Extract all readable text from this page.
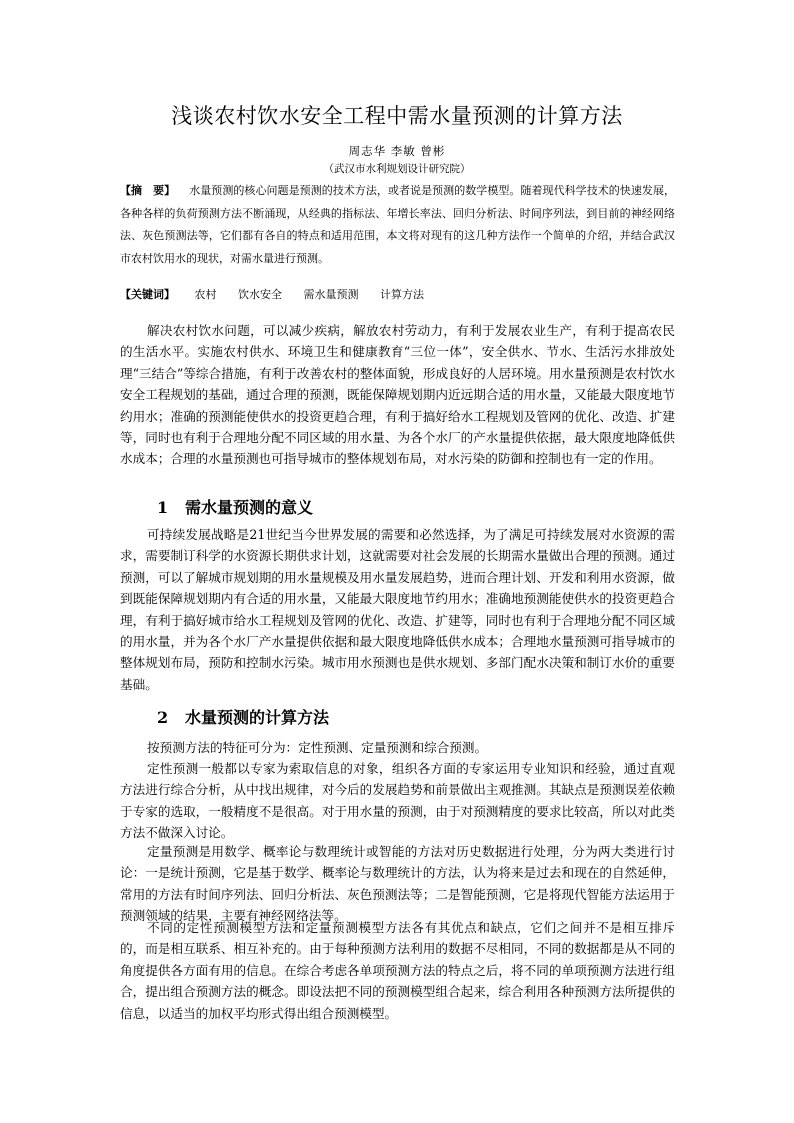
浅谈农村饮水安全工程中需水量预测的计算方法
周志华 李敏 曾彬
（武汉市水利规划设计研究院）
【摘　要】 水量预测的核心问题是预测的技术方法，或者说是预测的数学模型。随着现代科学技术的快速发展，各种各样的负荷预测方法不断涌现，从经典的指标法、年增长率法、回归分析法、时间序列法，到目前的神经网络法、灰色预测法等，它们都有各自的特点和适用范围，本文将对现有的这几种方法作一个简单的介绍，并结合武汉市农村饮用水的现状，对需水量进行预测。
【关键词】 农村 饮水安全 需水量预测 计算方法
解决农村饮水问题，可以减少疾病，解放农村劳动力，有利于发展农业生产，有利于提高农民的生活水平。实施农村供水、环境卫生和健康教育“三位一体”，安全供水、节水、生活污水排放处理“三结合”等综合措施，有利于改善农村的整体面貌，形成良好的人居环境。用水量预测是农村饮水安全工程规划的基础，通过合理的预测，既能保障规划期内近远期合适的用水量，又能最大限度地节约用水；准确的预测能使供水的投资更趋合理，有利于搞好给水工程规划及管网的优化、改造、扩建等，同时也有利于合理地分配不同区域的用水量、为各个水厂的产水量提供依据，最大限度地降低供水成本；合理的水量预测也可指导城市的整体规划布局，对水污染的防御和控制也有一定的作用。
1 需水量预测的意义
可持续发展战略是21世纪当今世界发展的需要和必然选择，为了满足可持续发展对水资源的需求，需要制订科学的水资源长期供求计划，这就需要对社会发展的长期需水量做出合理的预测。通过预测，可以了解城市规划期的用水量规模及用水量发展趋势，进而合理计划、开发和利用水资源，做到既能保障规划期内有合适的用水量，又能最大限度地节约用水；准确地预测能使供水的投资更趋合理，有利于搞好城市给水工程规划及管网的优化、改造、扩建等，同时也有利于合理地分配不同区域的用水量，并为各个水厂产水量提供依据和最大限度地降低供水成本；合理地水量预测可指导城市的整体规划布局，预防和控制水污染。城市用水预测也是供水规划、多部门配水决策和制订水价的重要基础。
2 水量预测的计算方法
按预测方法的特征可分为：定性预测、定量预测和综合预测。
定性预测一般都以专家为索取信息的对象，组织各方面的专家运用专业知识和经验，通过直观方法进行综合分析，从中找出规律，对今后的发展趋势和前景做出主观推测。其缺点是预测误差依赖于专家的选取，一般精度不是很高。对于用水量的预测，由于对预测精度的要求比较高，所以对此类方法不做深入讨论。
定量预测是用数学、概率论与数理统计或智能的方法对历史数据进行处理，分为两大类进行讨论：一是统计预测，它是基于数学、概率论与数理统计的方法，认为将来是过去和现在的自然延伸，常用的方法有时间序列法、回归分析法、灰色预测法等；二是智能预测，它是将现代智能方法运用于预测领域的结果，主要有神经网络法等。
不同的定性预测模型方法和定量预测模型方法各有其优点和缺点，它们之间并不是相互排斥的，而是相互联系、相互补充的。由于每种预测方法利用的数据不尽相同，不同的数据都是从不同的角度提供各方面有用的信息。在综合考虑各单项预测方法的特点之后，将不同的单项预测方法进行组合，提出组合预测方法的概念。即设法把不同的预测模型组合起来，综合利用各种预测方法所提供的信息，以适当的加权平均形式得出组合预测模型。
